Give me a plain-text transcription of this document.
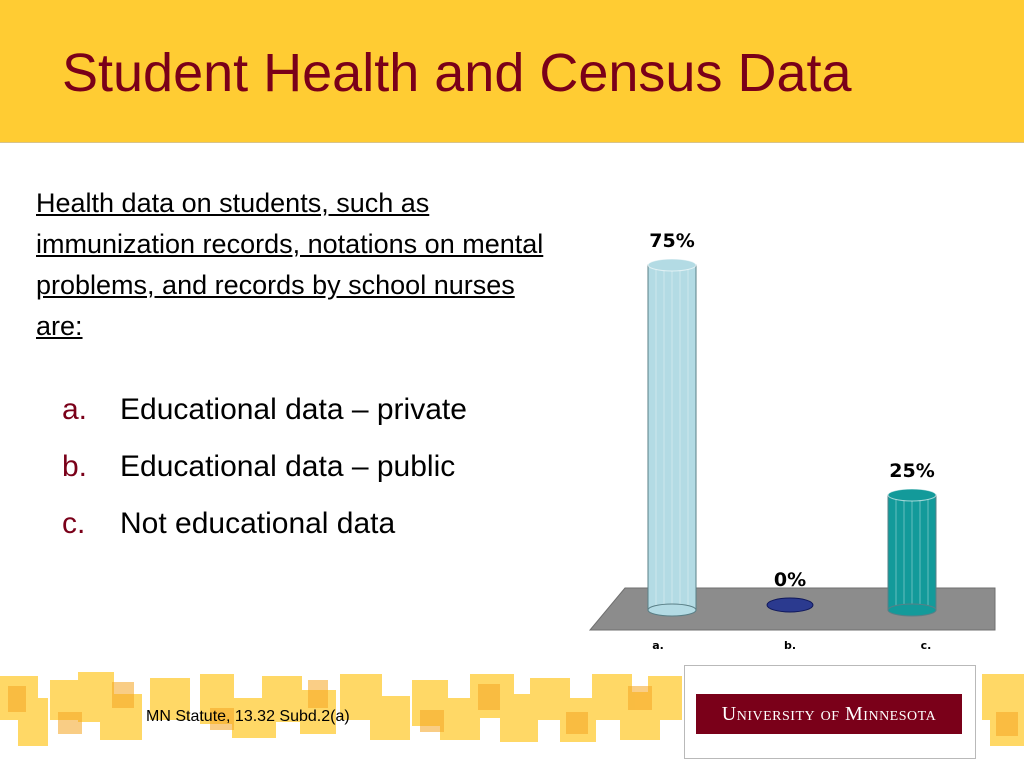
Student Health and Census Data
Health data on students, such as immunization records, notations on mental problems, and records by school nurses are:
a.	Educational data – private
b.	Educational data – public
c.	Not educational data
75%
0%
25%
a.	b.	c.
MN Statute, 13.32 Subd.2(a)	University of Minnesota
